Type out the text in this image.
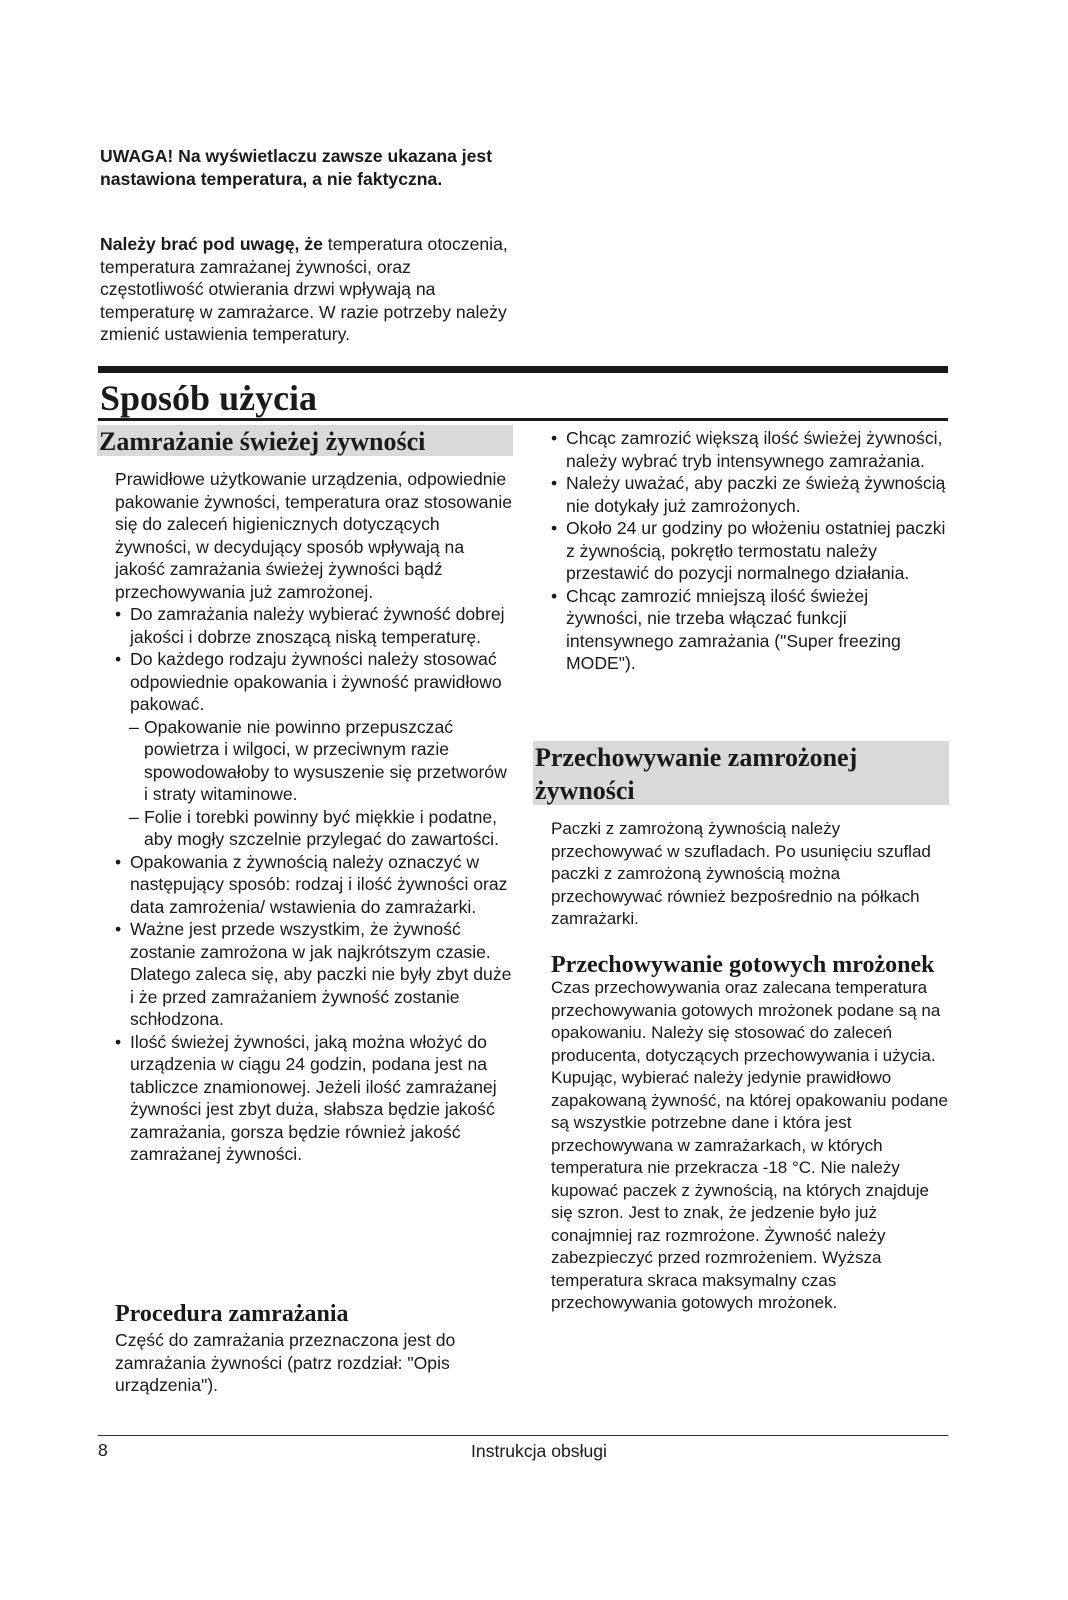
UWAGA! Na wyświetlaczu zawsze ukazana jest nastawiona temperatura, a nie faktyczna.

Należy brać pod uwagę, że temperatura otoczenia, temperatura zamrażanej żywności, oraz częstotliwość otwierania drzwi wpływają na temperaturę w zamrażarce. W razie potrzeby należy zmienić ustawienia temperatury.

Sposób użycia
Zamrażanie świeżej żywności

Prawidłowe użytkowanie urządzenia, odpowiednie pakowanie żywności, temperatura oraz stosowanie się do zaleceń higienicznych dotyczących żywności, w decydujący sposób wpływają na jakość zamrażania świeżej żywności bądź przechowywania już zamrożonej.

• Do zamrażania należy wybierać żywność dobrej jakości i dobrze znoszącą niską temperaturę.
• Do każdego rodzaju żywności należy stosować odpowiednie opakowania i żywność prawidłowo pakować.
– Opakowanie nie powinno przepuszczać powietrza i wilgoci, w przeciwnym razie spowodowałoby to wysuszenie się przetworów i straty witaminowe.
– Folie i torebki powinny być miękkie i podatne, aby mogły szczelnie przylegać do zawartości.
• Opakowania z żywnością należy oznaczyć w następujący sposób: rodzaj i ilość żywności oraz data zamrożenia/ wstawienia do zamrażarki.
• Ważne jest przede wszystkim, że żywność zostanie zamrożona w jak najkrótszym czasie. Dlatego zaleca się, aby paczki nie były zbyt duże i że przed zamrażaniem żywność zostanie schłodzona.
• Ilość świeżej żywności, jaką można włożyć do urządzenia w ciągu 24 godzin, podana jest na tabliczce znamionowej. Jeżeli ilość zamrażanej żywności jest zbyt duża, słabsza będzie jakość zamrażania, gorsza będzie również jakość zamrażanej żywności.
Procedura zamrażania

Część do zamrażania przeznaczona jest do zamrażania żywności (patrz rozdział: "Opis urządzenia").

• Chcąc zamrozić większą ilość świeżej żywności, należy wybrać tryb intensywnego zamrażania.
• Należy uważać, aby paczki ze świeżą żywnością nie dotykały już zamrożonych.
• Około 24 ur godziny po włożeniu ostatniej paczki z żywnością, pokrętło termostatu należy przestawić do pozycji normalnego działania.
• Chcąc zamrozić mniejszą ilość świeżej żywności, nie trzeba włączać funkcji intensywnego zamrażania ("Super freezing MODE").
Przechowywanie zamrożonej żywności

Paczki z zamrożoną żywnością należy przechowywać w szufladach. Po usunięciu szuflad paczki z zamrożoną żywnością można przechowywać również bezpośrednio na półkach zamrażarki.

Przechowywanie gotowych mrożonek

Czas przechowywania oraz zalecana temperatura przechowywania gotowych mrożonek podane są na opakowaniu. Należy się stosować do zaleceń producenta, dotyczących przechowywania i użycia. Kupując, wybierać należy jedynie prawidłowo zapakowaną żywność, na której opakowaniu podane są wszystkie potrzebne dane i która jest przechowywana w zamrażarkach, w których temperatura nie przekracza -18 °C. Nie należy kupować paczek z żywnością, na których znajduje się szron. Jest to znak, że jedzenie było już conajmniej raz rozmrożone. Żywność należy zabezpieczyć przed rozmrożeniem. Wyższa temperatura skraca maksymalny czas przechowywania gotowych mrożonek.

8	Instrukcja obsługi
